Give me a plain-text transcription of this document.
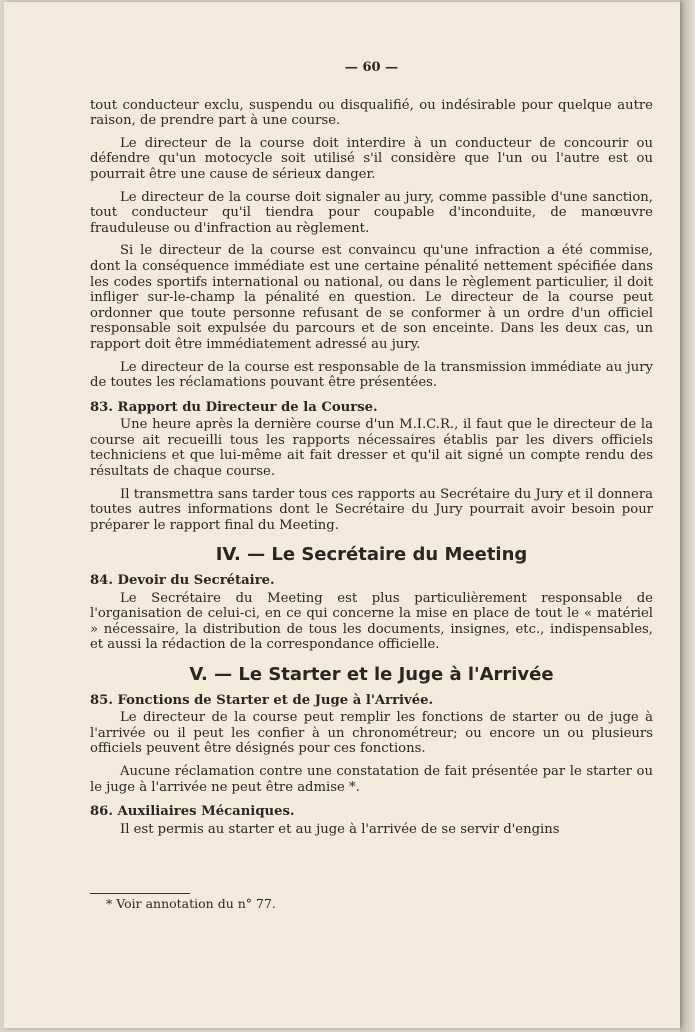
— 60 —

tout conducteur exclu, suspendu ou disqualifié, ou indésirable pour quelque autre raison, de prendre part à une course.

Le directeur de la course doit interdire à un conducteur de concourir ou défendre qu'un motocycle soit utilisé s'il considère que l'un ou l'autre est ou pourrait être une cause de sérieux danger.

Le directeur de la course doit signaler au jury, comme passible d'une sanction, tout conducteur qu'il tiendra pour coupable d'inconduite, de manœuvre frauduleuse ou d'infraction au règlement.

Si le directeur de la course est convaincu qu'une infraction a été commise, dont la conséquence immédiate est une certaine pénalité nettement spécifiée dans les codes sportifs international ou national, ou dans le règlement particulier, il doit infliger sur-le-champ la pénalité en question. Le directeur de la course peut ordonner que toute personne refusant de se conformer à un ordre d'un officiel responsable soit expulsée du parcours et de son enceinte. Dans les deux cas, un rapport doit être immédiatement adressé au jury.

Le directeur de la course est responsable de la transmission immédiate au jury de toutes les réclamations pouvant être présentées.

83. Rapport du Directeur de la Course.

Une heure après la dernière course d'un M.I.C.R., il faut que le directeur de la course ait recueilli tous les rapports nécessaires établis par les divers officiels techniciens et que lui-même ait fait dresser et qu'il ait signé un compte rendu des résultats de chaque course.

Il transmettra sans tarder tous ces rapports au Secrétaire du Jury et il donnera toutes autres informations dont le Secrétaire du Jury pourrait avoir besoin pour préparer le rapport final du Meeting.

IV. — Le Secrétaire du Meeting
84. Devoir du Secrétaire.

Le Secrétaire du Meeting est plus particulièrement responsable de l'organisation de celui-ci, en ce qui concerne la mise en place de tout le « matériel » nécessaire, la distribution de tous les documents, insignes, etc., indispensables, et aussi la rédaction de la correspondance officielle.

V. — Le Starter et le Juge à l'Arrivée
85. Fonctions de Starter et de Juge à l'Arrivée.

Le directeur de la course peut remplir les fonctions de starter ou de juge à l'arrivée ou il peut les confier à un chronométreur; ou encore un ou plusieurs officiels peuvent être désignés pour ces fonctions.

Aucune réclamation contre une constatation de fait présentée par le starter ou le juge à l'arrivée ne peut être admise *.

86. Auxiliaires Mécaniques.

Il est permis au starter et au juge à l'arrivée de se servir d'engins

* Voir annotation du n° 77.
